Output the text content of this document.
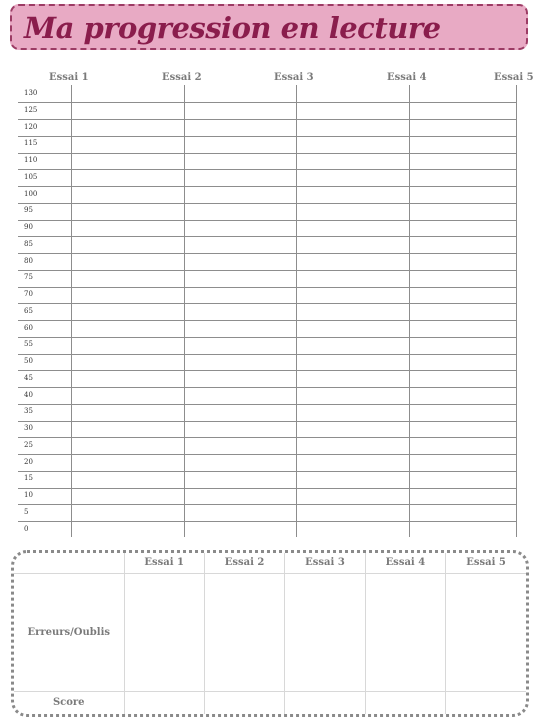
Ma progression en lecture
Essai 1	Essai 2	Essai 3	Essai 4	Essai 5
130
125
120
115
110
105
100
95
90
85
80
75
70
65
60
55
50
45
40
35
30
25
20
15
10
5
0
	Essai 1	Essai 2	Essai 3	Essai 4	Essai 5
Erreurs/Oublis					
Score					
